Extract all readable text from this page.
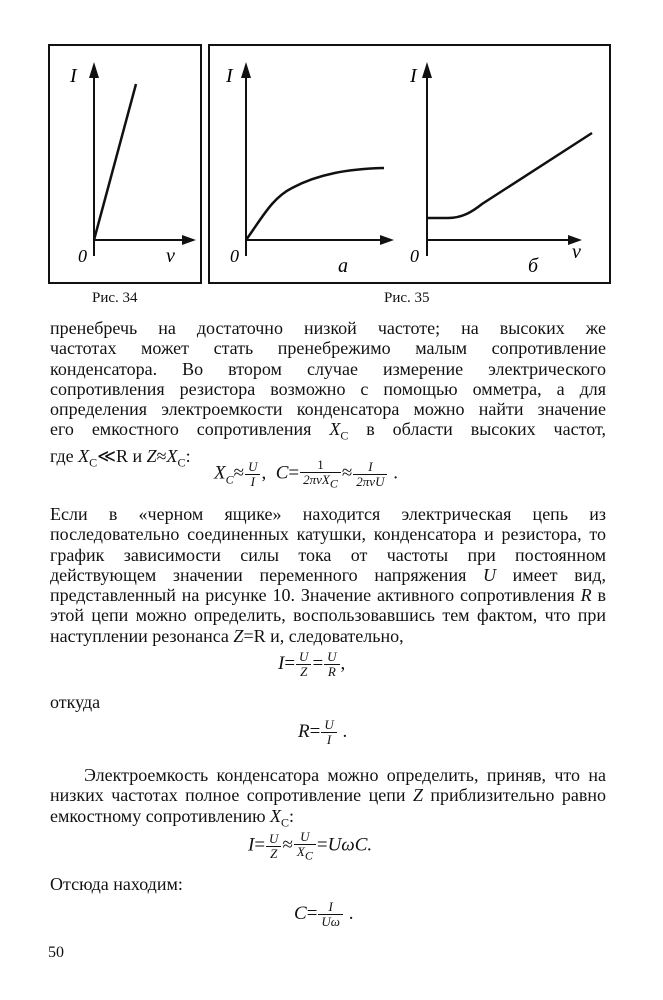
I
0	ν
Рис. 34
I
0	а
I
0	б
ν
Рис. 35
пренебречь на достаточно низкой частоте; на высоких же
частотах может стать пренебрежимо малым сопротивление
конденсатора. Во втором случае измерение электрического
сопротивления резистора возможно с помощью омметра, а для
определения электроемкости конденсатора можно найти значение
его емкостного сопротивления $X_C$ в области высоких частот,
где $X_C≪R$ и $Z\approx X_C$:
$X_C\approx \frac{U}{I}$ ,  $C= \frac{1}{2\pi\nu X_C} \approx \frac{I}{\text{2πνU}}$ .
Если в «черном ящике» находится электрическая цепь из последовательно соединенных катушки, конденсатора и резистора, то график зависимости силы тока от частоты при постоянном действующем значении переменного напряжения U имеет вид, представленный на рисунке 10. Значение активного сопротивления R в этой цепи можно определить, воспользовавшись тем фактом, что при наступлении резонанса Z=R и, следовательно,
$I= \frac{U}{Z} = \frac{U}{R}$ ,
откуда
$R= \frac{U}{I}$ .
Электроемкость конденсатора можно определить, приняв, что на низких частотах полное сопротивление цепи Z приблизительно равно емкостному сопротивлению $X_C$:
$I= \frac{U}{Z} \approx \frac{U}{X_C} =U\omega C$.
Отсюда находим:
$C= \frac{I}{U\omega}$ .
50
